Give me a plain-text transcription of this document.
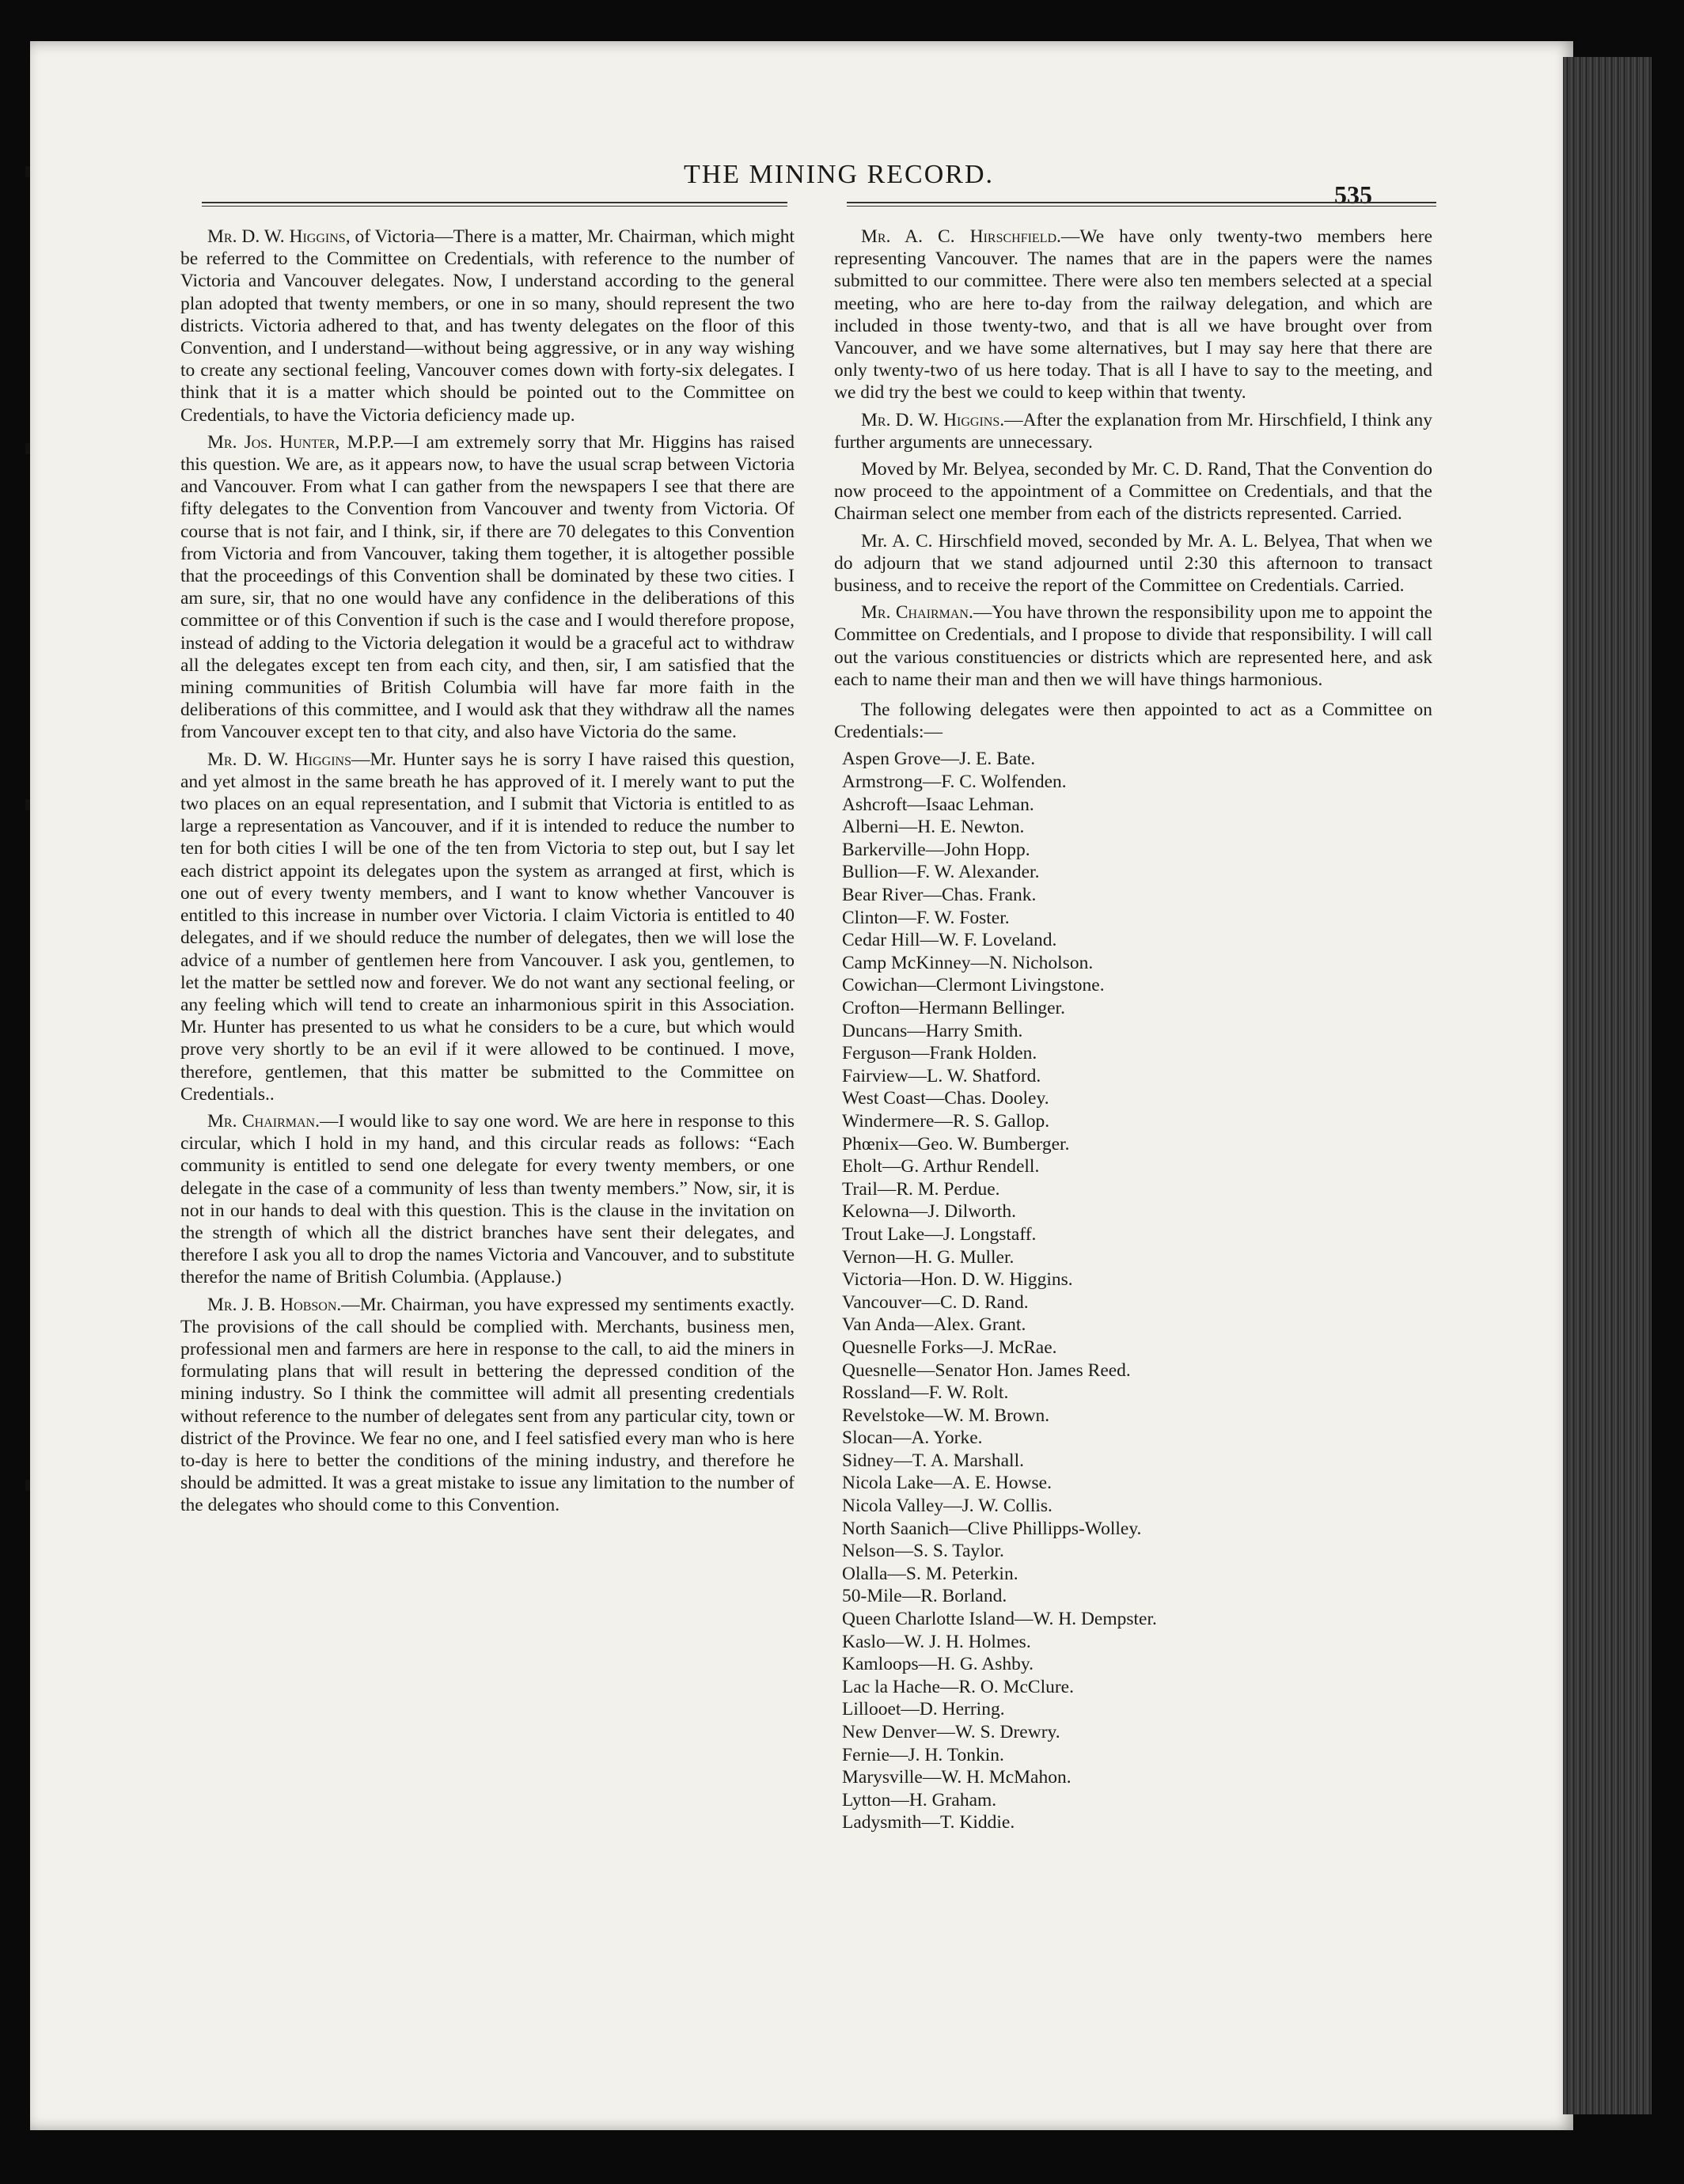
THE MINING RECORD.
535

Mr. D. W. Higgins, of Victoria—There is a matter, Mr. Chairman, which might be referred to the Committee on Credentials, with reference to the number of Victoria and Vancouver delegates. Now, I understand according to the general plan adopted that twenty members, or one in so many, should represent the two districts. Victoria adhered to that, and has twenty delegates on the floor of this Convention, and I understand—without being aggressive, or in any way wishing to create any sectional feeling, Vancouver comes down with forty-six delegates. I think that it is a matter which should be pointed out to the Committee on Credentials, to have the Victoria deficiency made up.

Mr. Jos. Hunter, M.P.P.—I am extremely sorry that Mr. Higgins has raised this question. We are, as it appears now, to have the usual scrap between Victoria and Vancouver. From what I can gather from the newspapers I see that there are fifty delegates to the Convention from Vancouver and twenty from Victoria. Of course that is not fair, and I think, sir, if there are 70 delegates to this Convention from Victoria and from Vancouver, taking them together, it is altogether possible that the proceedings of this Convention shall be dominated by these two cities. I am sure, sir, that no one would have any confidence in the deliberations of this committee or of this Convention if such is the case and I would therefore propose, instead of adding to the Victoria delegation it would be a graceful act to withdraw all the delegates except ten from each city, and then, sir, I am satisfied that the mining communities of British Columbia will have far more faith in the deliberations of this committee, and I would ask that they withdraw all the names from Vancouver except ten to that city, and also have Victoria do the same.

Mr. D. W. Higgins—Mr. Hunter says he is sorry I have raised this question, and yet almost in the same breath he has approved of it. I merely want to put the two places on an equal representation, and I submit that Victoria is entitled to as large a representation as Vancouver, and if it is intended to reduce the number to ten for both cities I will be one of the ten from Victoria to step out, but I say let each district appoint its delegates upon the system as arranged at first, which is one out of every twenty members, and I want to know whether Vancouver is entitled to this increase in number over Victoria. I claim Victoria is entitled to 40 delegates, and if we should reduce the number of delegates, then we will lose the advice of a number of gentlemen here from Vancouver. I ask you, gentlemen, to let the matter be settled now and forever. We do not want any sectional feeling, or any feeling which will tend to create an inharmonious spirit in this Association. Mr. Hunter has presented to us what he considers to be a cure, but which would prove very shortly to be an evil if it were allowed to be continued. I move, therefore, gentlemen, that this matter be submitted to the Committee on Credentials..

Mr. Chairman.—I would like to say one word. We are here in response to this circular, which I hold in my hand, and this circular reads as follows: “Each community is entitled to send one delegate for every twenty members, or one delegate in the case of a community of less than twenty members.” Now, sir, it is not in our hands to deal with this question. This is the clause in the invitation on the strength of which all the district branches have sent their delegates, and therefore I ask you all to drop the names Victoria and Vancouver, and to substitute therefor the name of British Columbia. (Applause.)

Mr. J. B. Hobson.—Mr. Chairman, you have expressed my sentiments exactly. The provisions of the call should be complied with. Merchants, business men, professional men and farmers are here in response to the call, to aid the miners in formulating plans that will result in bettering the depressed condition of the mining industry. So I think the committee will admit all presenting credentials without reference to the number of delegates sent from any particular city, town or district of the Province. We fear no one, and I feel satisfied every man who is here to-day is here to better the conditions of the mining industry, and therefore he should be admitted. It was a great mistake to issue any limitation to the number of the delegates who should come to this Convention.

Mr. A. C. Hirschfield.—We have only twenty-two members here representing Vancouver. The names that are in the papers were the names submitted to our committee. There were also ten members selected at a special meeting, who are here to-day from the railway delegation, and which are included in those twenty-two, and that is all we have brought over from Vancouver, and we have some alternatives, but I may say here that there are only twenty-two of us here today. That is all I have to say to the meeting, and we did try the best we could to keep within that twenty.

Mr. D. W. Higgins.—After the explanation from Mr. Hirschfield, I think any further arguments are unnecessary.

Moved by Mr. Belyea, seconded by Mr. C. D. Rand, That the Convention do now proceed to the appointment of a Committee on Credentials, and that the Chairman select one member from each of the districts represented. Carried.

Mr. A. C. Hirschfield moved, seconded by Mr. A. L. Belyea, That when we do adjourn that we stand adjourned until 2:30 this afternoon to transact business, and to receive the report of the Committee on Credentials. Carried.

Mr. Chairman.—You have thrown the responsibility upon me to appoint the Committee on Credentials, and I propose to divide that responsibility. I will call out the various constituencies or districts which are represented here, and ask each to name their man and then we will have things harmonious.

The following delegates were then appointed to act as a Committee on Credentials:—

Aspen Grove—J. E. Bate.
Armstrong—F. C. Wolfenden.
Ashcroft—Isaac Lehman.
Alberni—H. E. Newton.
Barkerville—John Hopp.
Bullion—F. W. Alexander.
Bear River—Chas. Frank.
Clinton—F. W. Foster.
Cedar Hill—W. F. Loveland.
Camp McKinney—N. Nicholson.
Cowichan—Clermont Livingstone.
Crofton—Hermann Bellinger.
Duncans—Harry Smith.
Ferguson—Frank Holden.
Fairview—L. W. Shatford.
West Coast—Chas. Dooley.
Windermere—R. S. Gallop.
Phœnix—Geo. W. Bumberger.
Eholt—G. Arthur Rendell.
Trail—R. M. Perdue.
Kelowna—J. Dilworth.
Trout Lake—J. Longstaff.
Vernon—H. G. Muller.
Victoria—Hon. D. W. Higgins.
Vancouver—C. D. Rand.
Van Anda—Alex. Grant.
Quesnelle Forks—J. McRae.
Quesnelle—Senator Hon. James Reed.
Rossland—F. W. Rolt.
Revelstoke—W. M. Brown.
Slocan—A. Yorke.
Sidney—T. A. Marshall.
Nicola Lake—A. E. Howse.
Nicola Valley—J. W. Collis.
North Saanich—Clive Phillipps-Wolley.
Nelson—S. S. Taylor.
Olalla—S. M. Peterkin.
50-Mile—R. Borland.
Queen Charlotte Island—W. H. Dempster.
Kaslo—W. J. H. Holmes.
Kamloops—H. G. Ashby.
Lac la Hache—R. O. McClure.
Lillooet—D. Herring.
New Denver—W. S. Drewry.
Fernie—J. H. Tonkin.
Marysville—W. H. McMahon.
Lytton—H. Graham.
Ladysmith—T. Kiddie.
